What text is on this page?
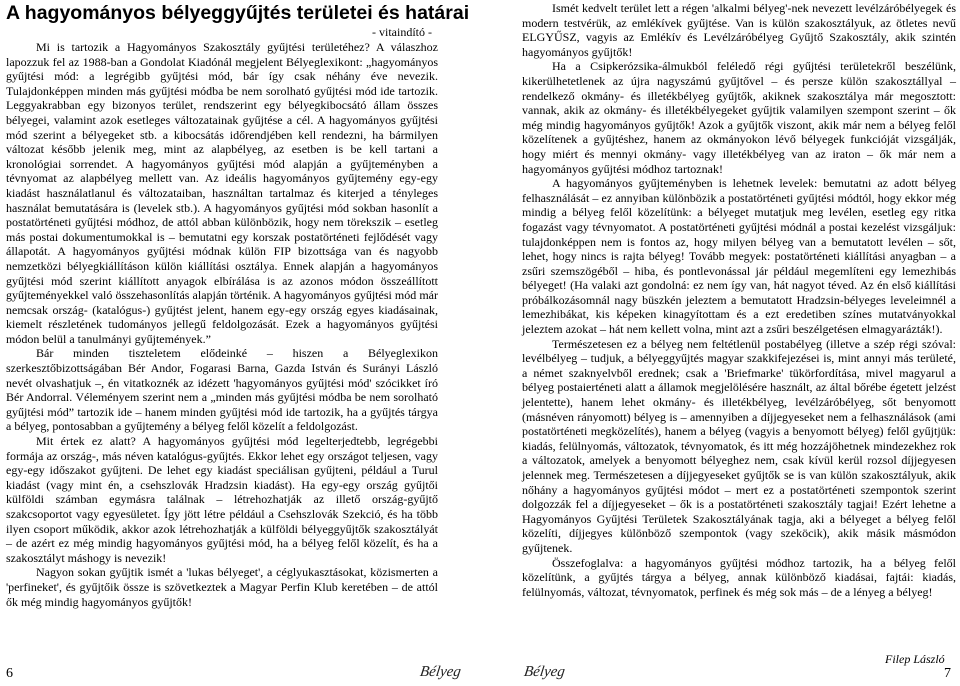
A hagyományos bélyeggyűjtés területei és határai
- vitaindító -

Mi is tartozik a Hagyományos Szakosztály gyűjtési területéhez? A válaszhoz lapozzuk fel az 1988-ban a Gondolat Kiadónál megjelent Bélyeglexikont: „hagyományos gyűjtési mód: a legrégibb gyűjtési mód, bár így csak néhány éve nevezik. Tulajdonképpen minden más gyűjtési módba be nem sorolható gyűjtési mód ide tartozik. Leggyakrabban egy bizonyos terület, rendszerint egy bélyegkibocsátó állam összes bélyegei, valamint azok esetleges változatainak gyűjtése a cél. A hagyományos gyűjtési mód szerint a bélyegeket stb. a kibocsátás időrendjében kell rendezni, ha bármilyen változat később jelenik meg, mint az alapbélyeg, az esetben is be kell tartani a kronológiai sorrendet. A hagyományos gyűjtési mód alapján a gyűjteményben a tévnyomat az alapbélyeg mellett van. Az ideális hagyományos gyűjtemény egy-egy kiadást használatlanul és változataiban, használtan tartalmaz és kiterjed a tényleges használat bemutatására is (levelek stb.). A hagyományos gyűjtési mód sokban hasonlít a postatörténeti gyűjtési módhoz, de attól abban különbözik, hogy nem törekszik – esetleg más postai dokumentumokkal is – bemutatni egy korszak postatörténeti fejlődését vagy állapotát. A hagyományos gyűjtési módnak külön FIP bizottsága van és nagyobb nemzetközi bélyegkiállításon külön kiállítási osztálya. Ennek alapján a hagyományos gyűjtési mód szerint kiállított anyagok elbírálása is az azonos módon összeállított gyűjteményekkel való összehasonlítás alapján történik. A hagyományos gyűjtési mód már nemcsak ország- (katalógus-) gyűjtést jelent, hanem egy-egy ország egyes kiadásainak, kiemelt részletének tudományos jellegű feldolgozását. Ezek a hagyományos gyűjtési módon belül a tanulmányi gyűjtemények.”

Bár minden tiszteletem elődeinké – hiszen a Bélyeglexikon szerkesztőbizottságában Bér Andor, Fogarasi Barna, Gazda István és Surányi László nevét olvashatjuk –, én vitatkoznék az idézett 'hagyományos gyűjtési mód' szócikket író Bér Andorral. Véleményem szerint nem a „minden más gyűjtési módba be nem sorolható gyűjtési mód” tartozik ide – hanem minden gyűjtési mód ide tartozik, ha a gyűjtés tárgya a bélyeg, pontosabban a gyűjtemény a bélyeg felől közelít a feldolgozást.

Mit értek ez alatt? A hagyományos gyűjtési mód legelterjedtebb, legrégebbi formája az ország-, más néven katalógus-gyűjtés. Ekkor lehet egy országot teljesen, vagy egy-egy időszakot gyűjteni. De lehet egy kiadást speciálisan gyűjteni, például a Turul kiadást (vagy mint én, a csehszlovák Hradzsin kiadást). Ha egy-egy ország gyűjtői külföldi számban egymásra találnak – létrehozhatják az illető ország-gyűjtő szakcsoportot vagy egyesületet. Így jött létre például a Csehszlovák Szekció, és ha több ilyen csoport működik, akkor azok létrehozhatják a külföldi bélyeggyűjtők szakosztályát – de azért ez még mindig hagyományos gyűjtési mód, ha a bélyeg felől közelít, és ha a szakosztályt máshogy is nevezik!

Nagyon sokan gyűjtik ismét a 'lukas bélyeget', a céglyukasztásokat, közismerten a 'perfineket', és gyűjtőik össze is szövetkeztek a Magyar Perfin Klub keretében – de attól ők még mindig hagyományos gyűjtők!

Ismét kedvelt terület lett a régen 'alkalmi bélyeg'-nek nevezett levélzáróbélyegek és modern testvérük, az emlékívek gyűjtése. Van is külön szakosztályuk, az ötletes nevű ELGYŰSZ, vagyis az Emlékív és Levélzáróbélyeg Gyűjtő Szakosztály, akik szintén hagyományos gyűjtők!

Ha a Csipkerózsika-álmukból feléledő régi gyűjtési területekről beszélünk, kikerülhetetlenek az újra nagyszámú gyűjtővel – és persze külön szakosztállyal – rendelkező okmány- és illetékbélyeg gyűjtők, akiknek szakosztálya már megosztott: vannak, akik az okmány- és illetékbélyegeket gyűjtik valamilyen szempont szerint – ők még mindig hagyományos gyűjtők! Azok a gyűjtők viszont, akik már nem a bélyeg felől közelítenek a gyűjtéshez, hanem az okmányokon lévő bélyegek funkcióját vizsgálják, hogy miért és mennyi okmány- vagy illetékbélyeg van az iraton – ők már nem a hagyományos gyűjtési módhoz tartoznak!

A hagyományos gyűjteményben is lehetnek levelek: bemutatni az adott bélyeg felhasználását – ez annyiban különbözik a postatörténeti gyűjtési módtól, hogy ekkor még mindig a bélyeg felől közelítünk: a bélyeget mutatjuk meg levélen, esetleg egy ritka fogazást vagy tévnyomatot. A postatörténeti gyűjtési módnál a postai kezelést vizsgáljuk: tulajdonképpen nem is fontos az, hogy milyen bélyeg van a bemutatott levélen – sőt, lehet, hogy nincs is rajta bélyeg! Tovább megyek: postatörténeti kiállítási anyagban – a zsűri szemszögéből – hiba, és pontlevonással jár például megemlíteni egy lemezhibás bélyeget! (Ha valaki azt gondolná: ez nem így van, hát nagyot téved. Az én első kiállítási próbálkozásomnál nagy büszkén jeleztem a bemutatott Hradzsin-bélyeges leveleimnél a lemezhibákat, kis képeken kinagyítottam és a ezt eredetiben színes mutatványokkal jeleztem azokat – hát nem kellett volna, mint azt a zsűri beszélgetésen elmagyarázták!).

Természetesen ez a bélyeg nem feltétlenül postabélyeg (illetve a szép régi szóval: levélbélyeg – tudjuk, a bélyeggyűjtés magyar szakkifejezései is, mint annyi más területé, a német szaknyelvből erednek; csak a 'Briefmarke' tükörfordítása, mivel magyarul a bélyeg postaierténeti alatt a államok megjelölésére használt, az által bőrébe égetett jelzést jelentette), hanem lehet okmány- és illetékbélyeg, levélzáróbélyeg, sőt benyomott (másnéven rányomott) bélyeg is – amennyiben a díjjegyeseket nem a felhasználások (ami postatörténeti megközelítés), hanem a bélyeg (vagyis a benyomott bélyeg) felől gyűjtjük: kiadás, felülnyomás, változatok, tévnyomatok, és itt még hozzájöhetnek mindezekhez rok a változatok, amelyek a benyomott bélyeghez nem, csak kívül kerül rozsol díjjegyesen jelennek meg. Természetesen a díjjegyeseket gyűjtők se is van külön szakosztályuk, akik nőhány a hagyományos gyűjtési módot – mert ez a postatörténeti szempontok szerint dolgozzák fel a díjjegyeseket – ők is a postatörténeti szakosztály tagjai! Ezért lehetne a Hagyományos Gyűjtési Területek Szakosztályának tagja, aki a bélyeget a bélyeg felől közelíti, díjjegyes különböző szempontok (vagy szeköcik), akik másik másmódon gyűjtenek.

Összefoglalva: a hagyományos gyűjtési módhoz tartozik, ha a bélyeg felől közelítünk, a gyűjtés tárgya a bélyeg, annak különböző kiadásai, fajtái: kiadás, felülnyomás, változat, tévnyomatok, perfinek és még sok más – de a lényeg a bélyeg!

Filep László
6	Bélyeg	Bélyeg	7
